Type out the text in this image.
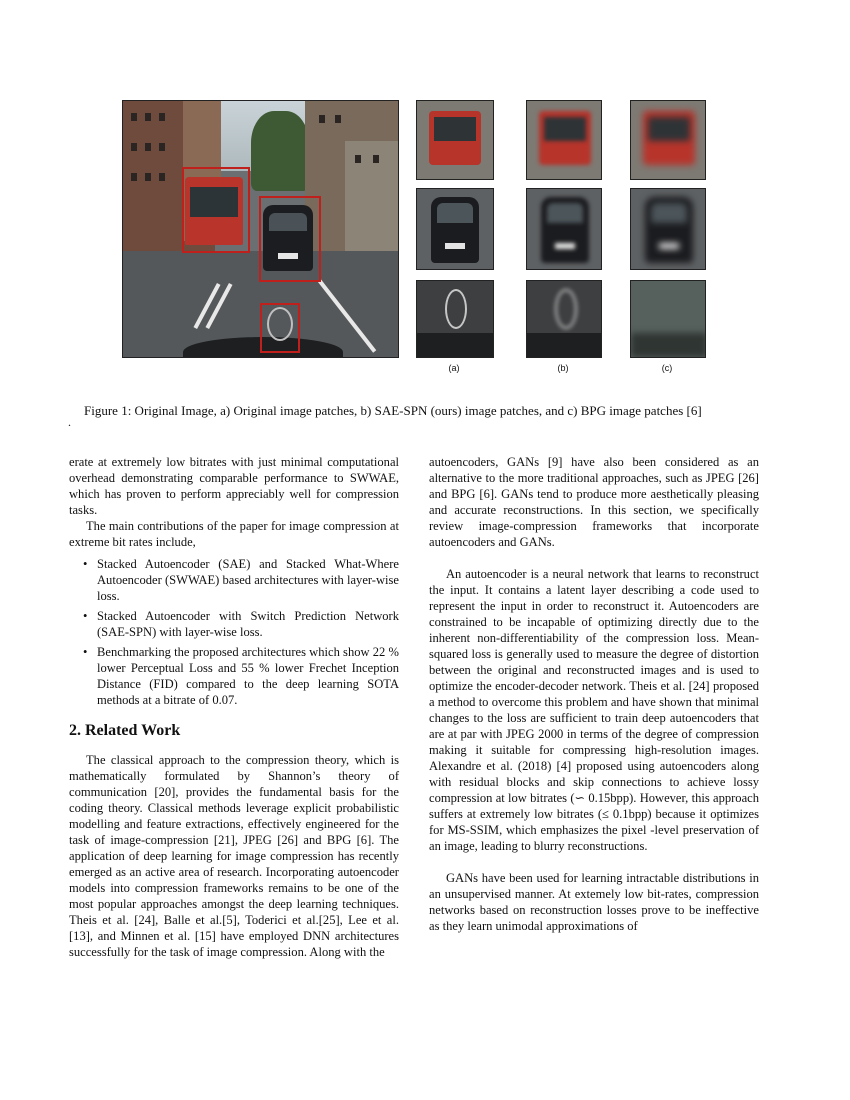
(a)	(b)	(c)
Figure 1: Original Image, a) Original image patches, b) SAE-SPN (ours) image patches, and c) BPG image patches [6]
.

erate at extremely low bitrates with just minimal computational overhead demonstrating comparable performance to SWWAE, which has proven to perform appreciably well for compression tasks.

The main contributions of the paper for image compression at extreme bit rates include,

• Stacked Autoencoder (SAE) and Stacked What-Where Autoencoder (SWWAE) based architectures with layer-wise loss.
• Stacked Autoencoder with Switch Prediction Network (SAE-SPN) with layer-wise loss.
• Benchmarking the proposed architectures which show 22 % lower Perceptual Loss and 55 % lower Frechet Inception Distance (FID) compared to the deep learning SOTA methods at a bitrate of 0.07.
2. Related Work

The classical approach to the compression theory, which is mathematically formulated by Shannon’s theory of communication [20], provides the fundamental basis for the coding theory. Classical methods leverage explicit probabilistic modelling and feature extractions, effectively engineered for the task of image-compression [21], JPEG [26] and BPG [6]. The application of deep learning for image compression has recently emerged as an active area of research. Incorporating autoencoder models into compression frameworks remains to be one of the most popular approaches amongst the deep learning techniques. Theis et al. [24], Balle et al.[5], Toderici et al.[25], Lee et al. [13], and Minnen et al. [15] have employed DNN architectures successfully for the task of image compression. Along with the

autoencoders, GANs [9] have also been considered as an alternative to the more traditional approaches, such as JPEG [26] and BPG [6]. GANs tend to produce more aesthetically pleasing and accurate reconstructions. In this section, we specifically review image-compression frameworks that incorporate autoencoders and GANs.

An autoencoder is a neural network that learns to reconstruct the input. It contains a latent layer describing a code used to represent the input in order to reconstruct it. Autoencoders are constrained to be incapable of optimizing directly due to the inherent non-differentiability of the compression loss. Mean-squared loss is generally used to measure the degree of distortion between the original and reconstructed images and is used to optimize the encoder-decoder network. Theis et al. [24] proposed a method to overcome this problem and have shown that minimal changes to the loss are sufficient to train deep autoencoders that are at par with JPEG 2000 in terms of the degree of compression making it suitable for compressing high-resolution images. Alexandre et al. (2018) [4] proposed using autoencoders along with residual blocks and skip connections to achieve lossy compression at low bitrates (∽ 0.15bpp). However, this approach suffers at extremely low bitrates (≤ 0.1bpp) because it optimizes for MS-SSIM, which emphasizes the pixel -level preservation of an image, leading to blurry reconstructions.

GANs have been used for learning intractable distributions in an unsupervised manner. At extemely low bit-rates, compression networks based on reconstruction losses prove to be ineffective as they learn unimodal approximations of
